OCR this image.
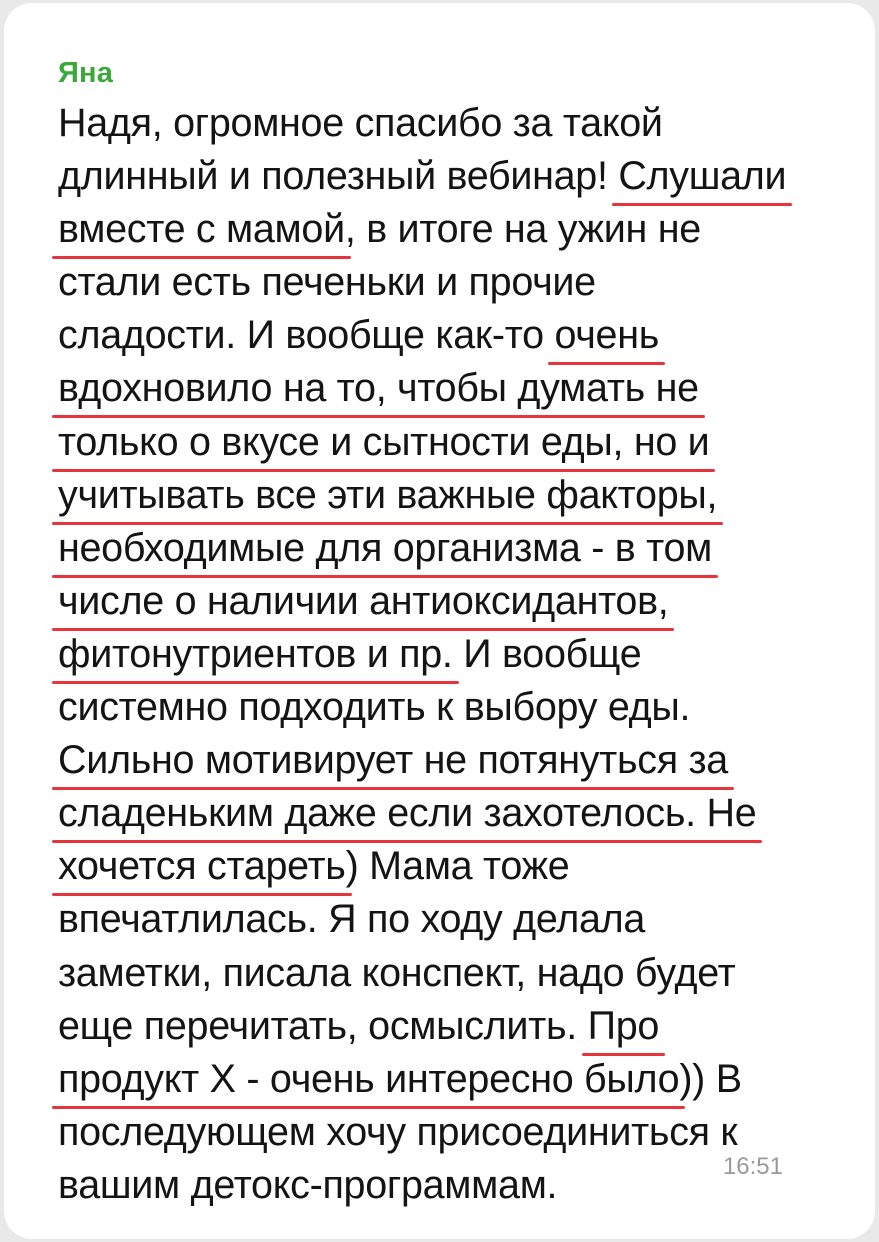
Яна
Надя, огромное спасибо за такой
длинный и полезный вебинар! Слушали
вместе с мамой, в итоге на ужин не
стали есть печеньки и прочие
сладости. И вообще как-то очень
вдохновило на то, чтобы думать не
только о вкусе и сытности еды, но и
учитывать все эти важные факторы,
необходимые для организма - в том
числе о наличии антиоксидантов,
фитонутриентов и пр. И вообще
системно подходить к выбору еды.
Сильно мотивирует не потянуться за
сладеньким даже если захотелось. Не
хочется стареть) Мама тоже
впечатлилась. Я по ходу делала
заметки, писала конспект, надо будет
еще перечитать, осмыслить. Про
продукт Х - очень интересно было)) В
последующем хочу присоединиться к
вашим детокс-программам.	16:51
